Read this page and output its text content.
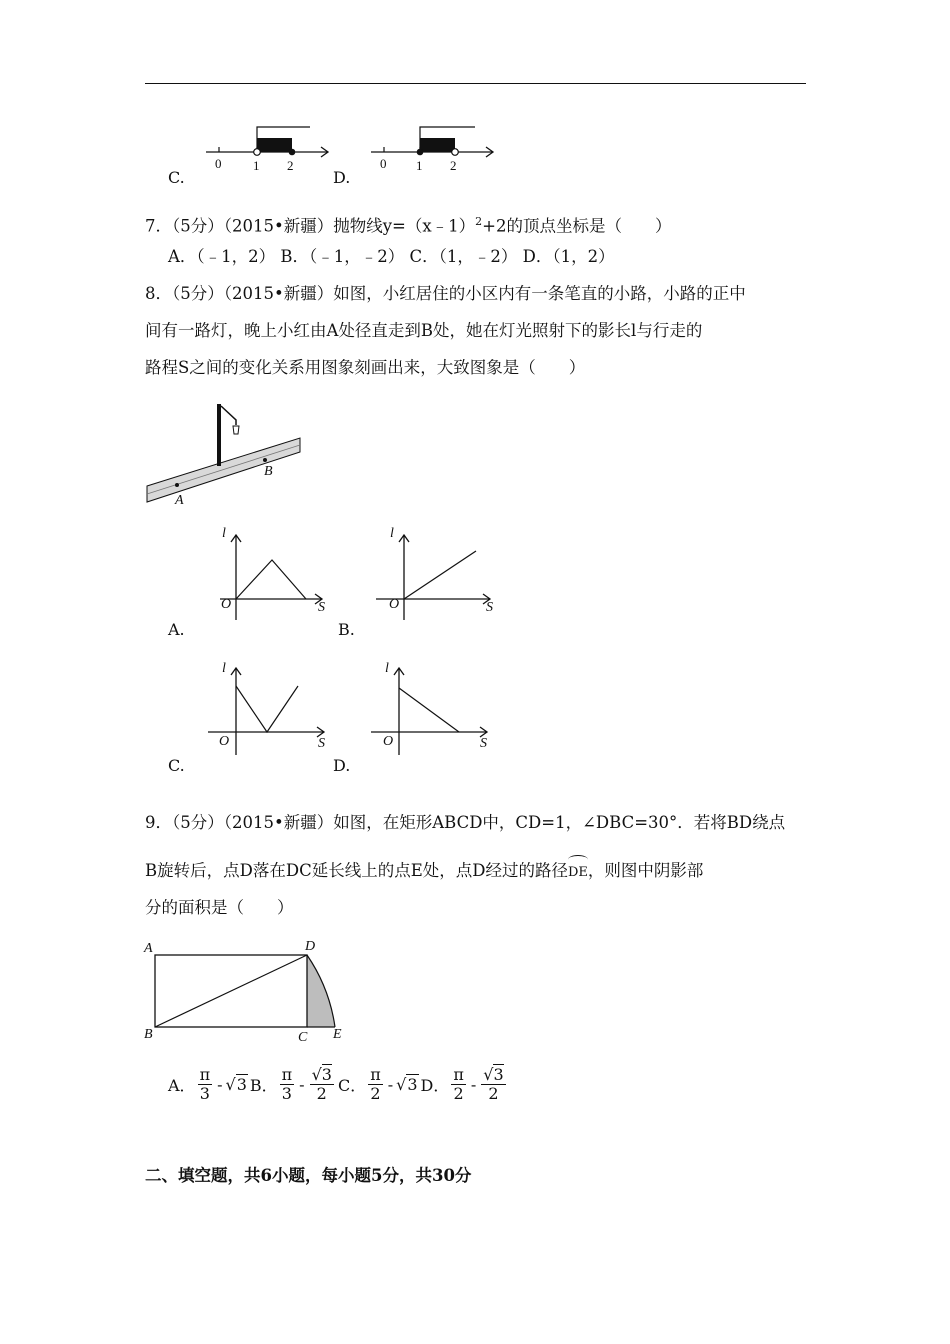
C.
0 1 2
D.
0 1 2
7．（5分）（2015•新疆）抛物线y=（x﹣1）$^2$+2的顶点坐标是（　　）
A．（﹣1，2） B．（﹣1，﹣2） C．（1，﹣2） D．（1，2）
8．（5分）（2015•新疆）如图，小红居住的小区内有一条笔直的小路，小路的正中
间有一路灯，晚上小红由A处径直走到B处，她在灯光照射下的影长l与行走的
路程S之间的变化关系用图象刻画出来，大致图象是（　　）
A
B
l
O	S
A.
l
O	S
B.
l
O	S
C.
l
O	S
D.
9．（5分）（2015•新疆）如图，在矩形ABCD中，CD=1，∠DBC=30°．若将BD绕点
B旋转后，点D落在DC延长线上的点E处，点D经过的路径DE，则图中阴影部
分的面积是（　　）
A	D
B	C E
A． $\frac{\pi}{3} - √3$ B． $\frac{\pi}{3} - \frac{√3}{2}$ C． $\frac{\pi}{2} - √3$ D． $\frac{\pi}{2} - \frac{√3}{2}$
二、填空题，共6小题，每小题5分，共30分
